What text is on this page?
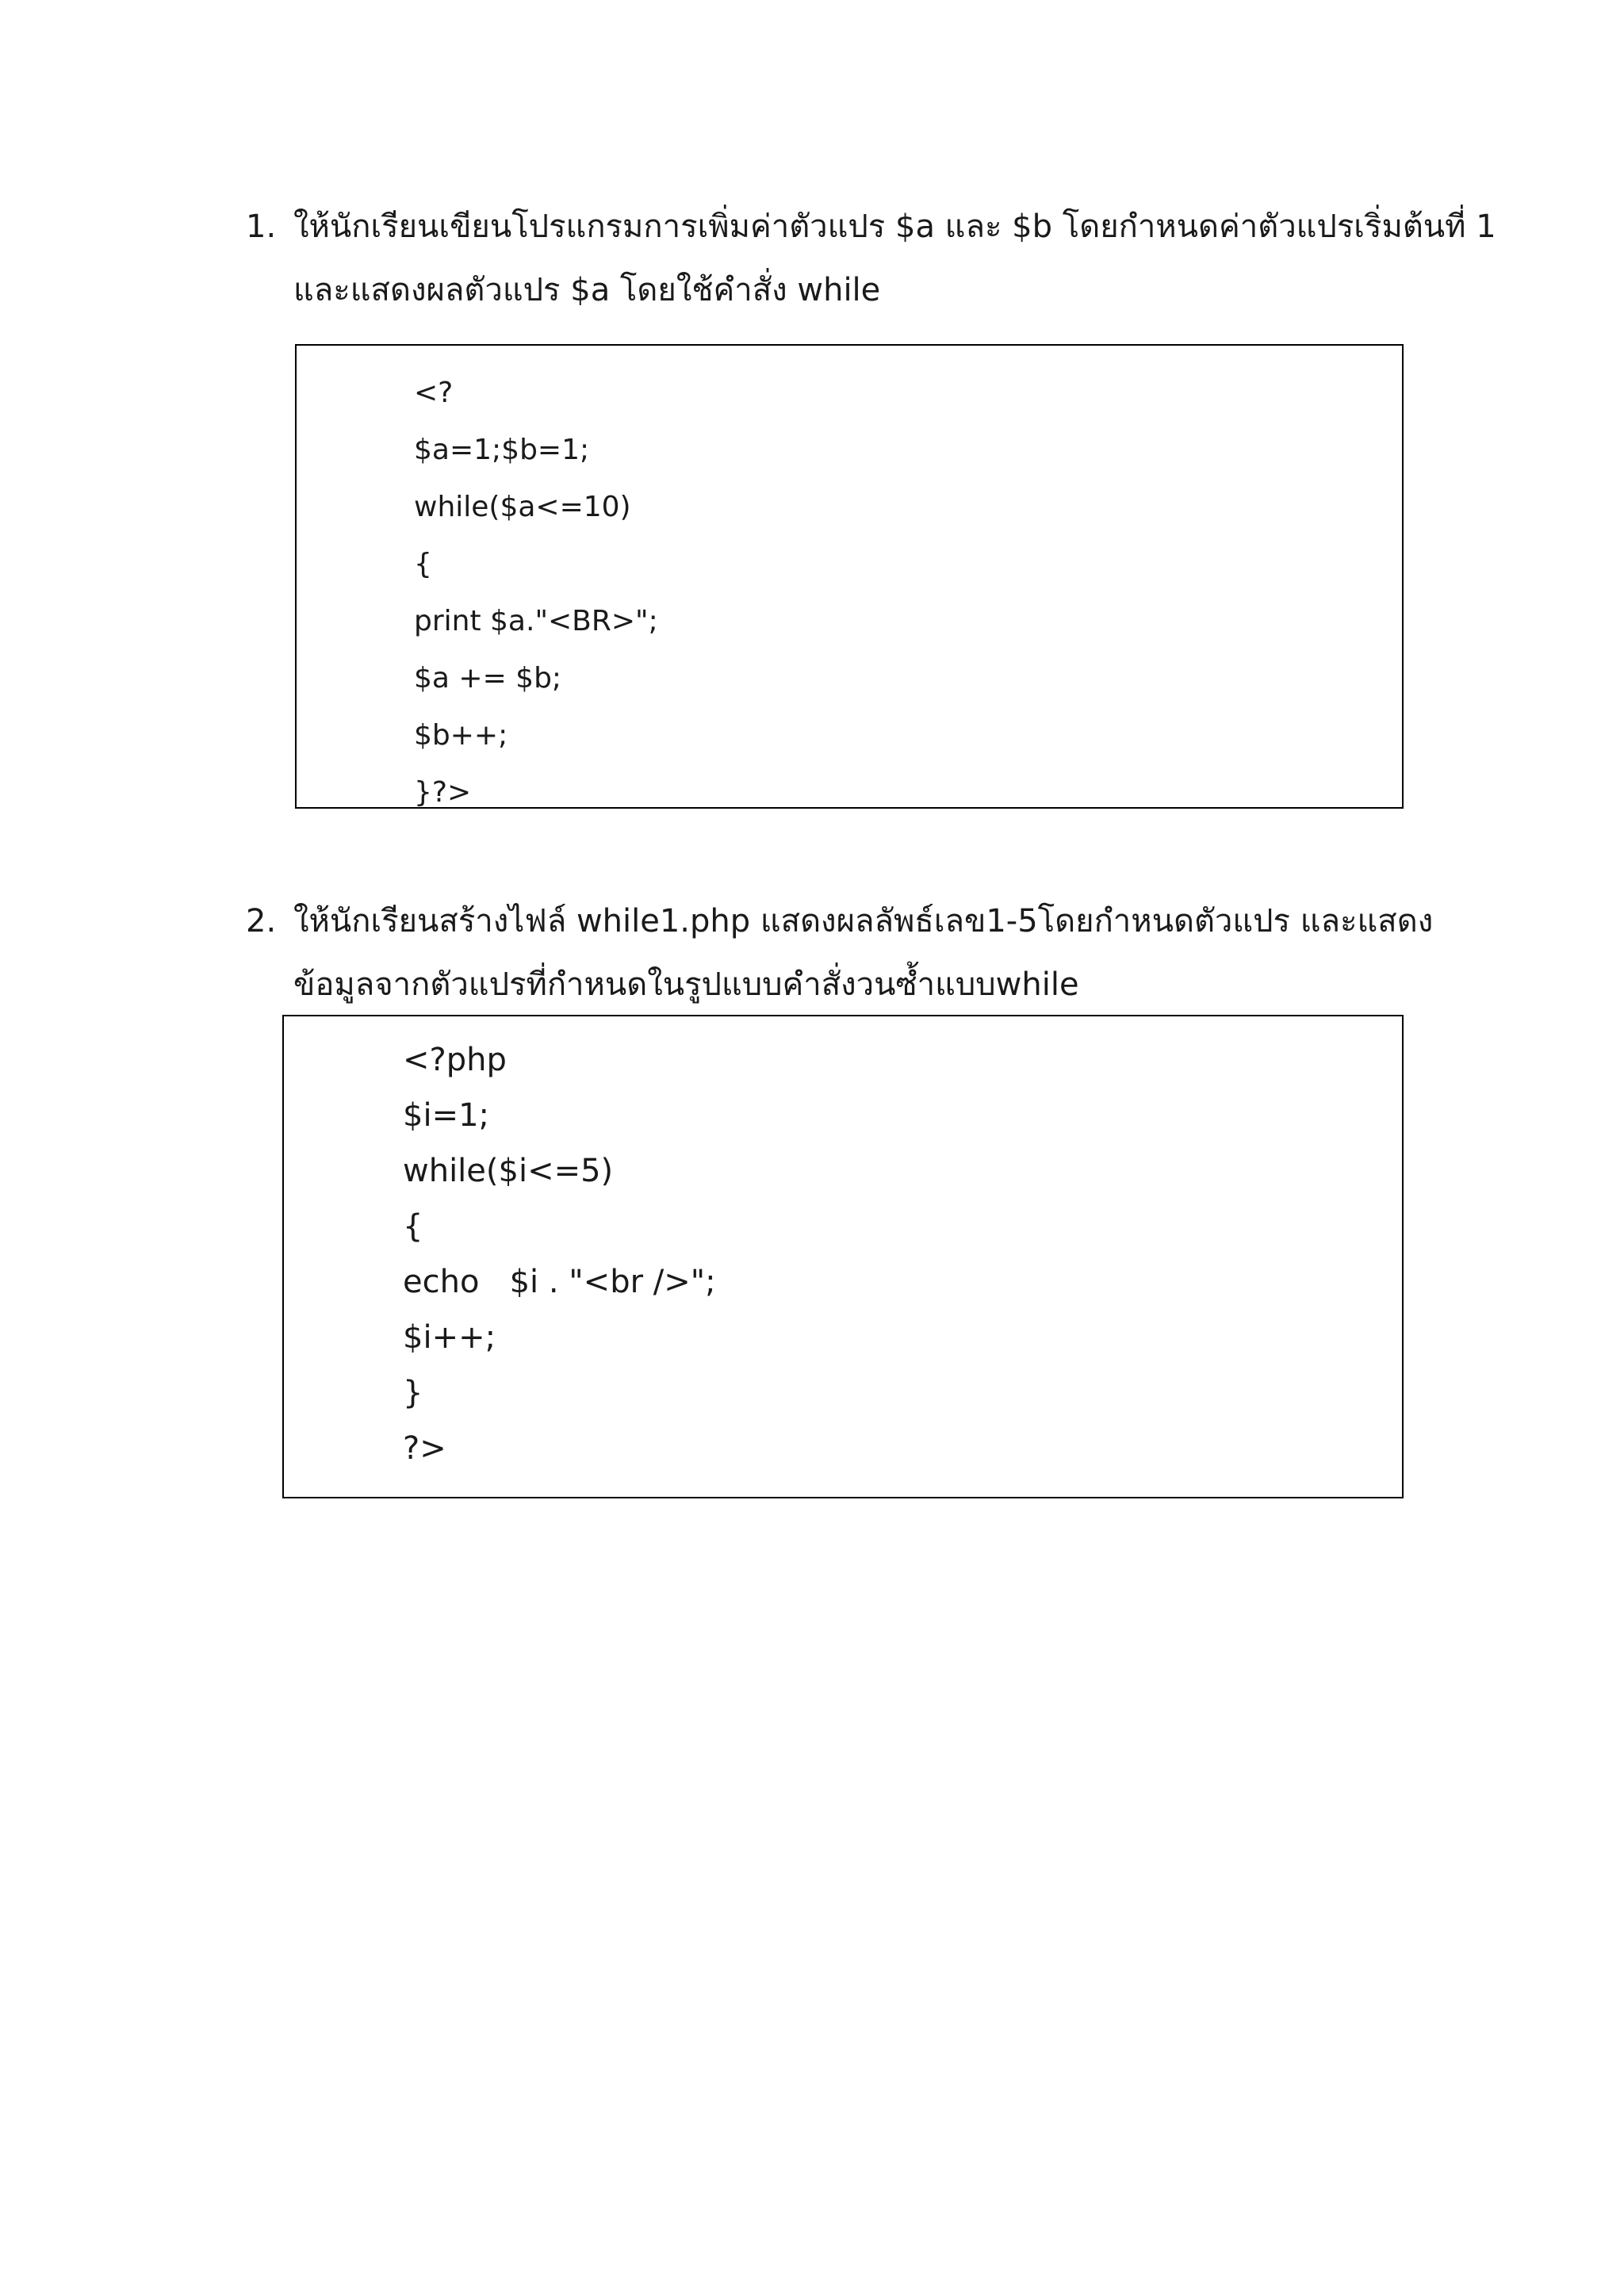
1. ให้นักเรียนเขียนโปรแกรมการเพิ่มค่าตัวแปร $a และ $b โดยกำหนดค่าตัวแปรเริ่มต้นที่ 1
และแสดงผลตัวแปร $a โดยใช้คำสั่ง while
<?
$a=1;$b=1;
while($a<=10)
{
print $a."<BR>";
$a += $b;
$b++;
}?>
2. ให้นักเรียนสร้างไฟล์ while1.php แสดงผลลัพธ์เลข1-5โดยกำหนดตัวแปร และแสดง
ข้อมูลจากตัวแปรที่กำหนดในรูปแบบคำสั่งวนซ้ำแบบwhile
<?php
$i=1;
while($i<=5)
{
echo   $i . "<br />";
$i++;
}
?>
